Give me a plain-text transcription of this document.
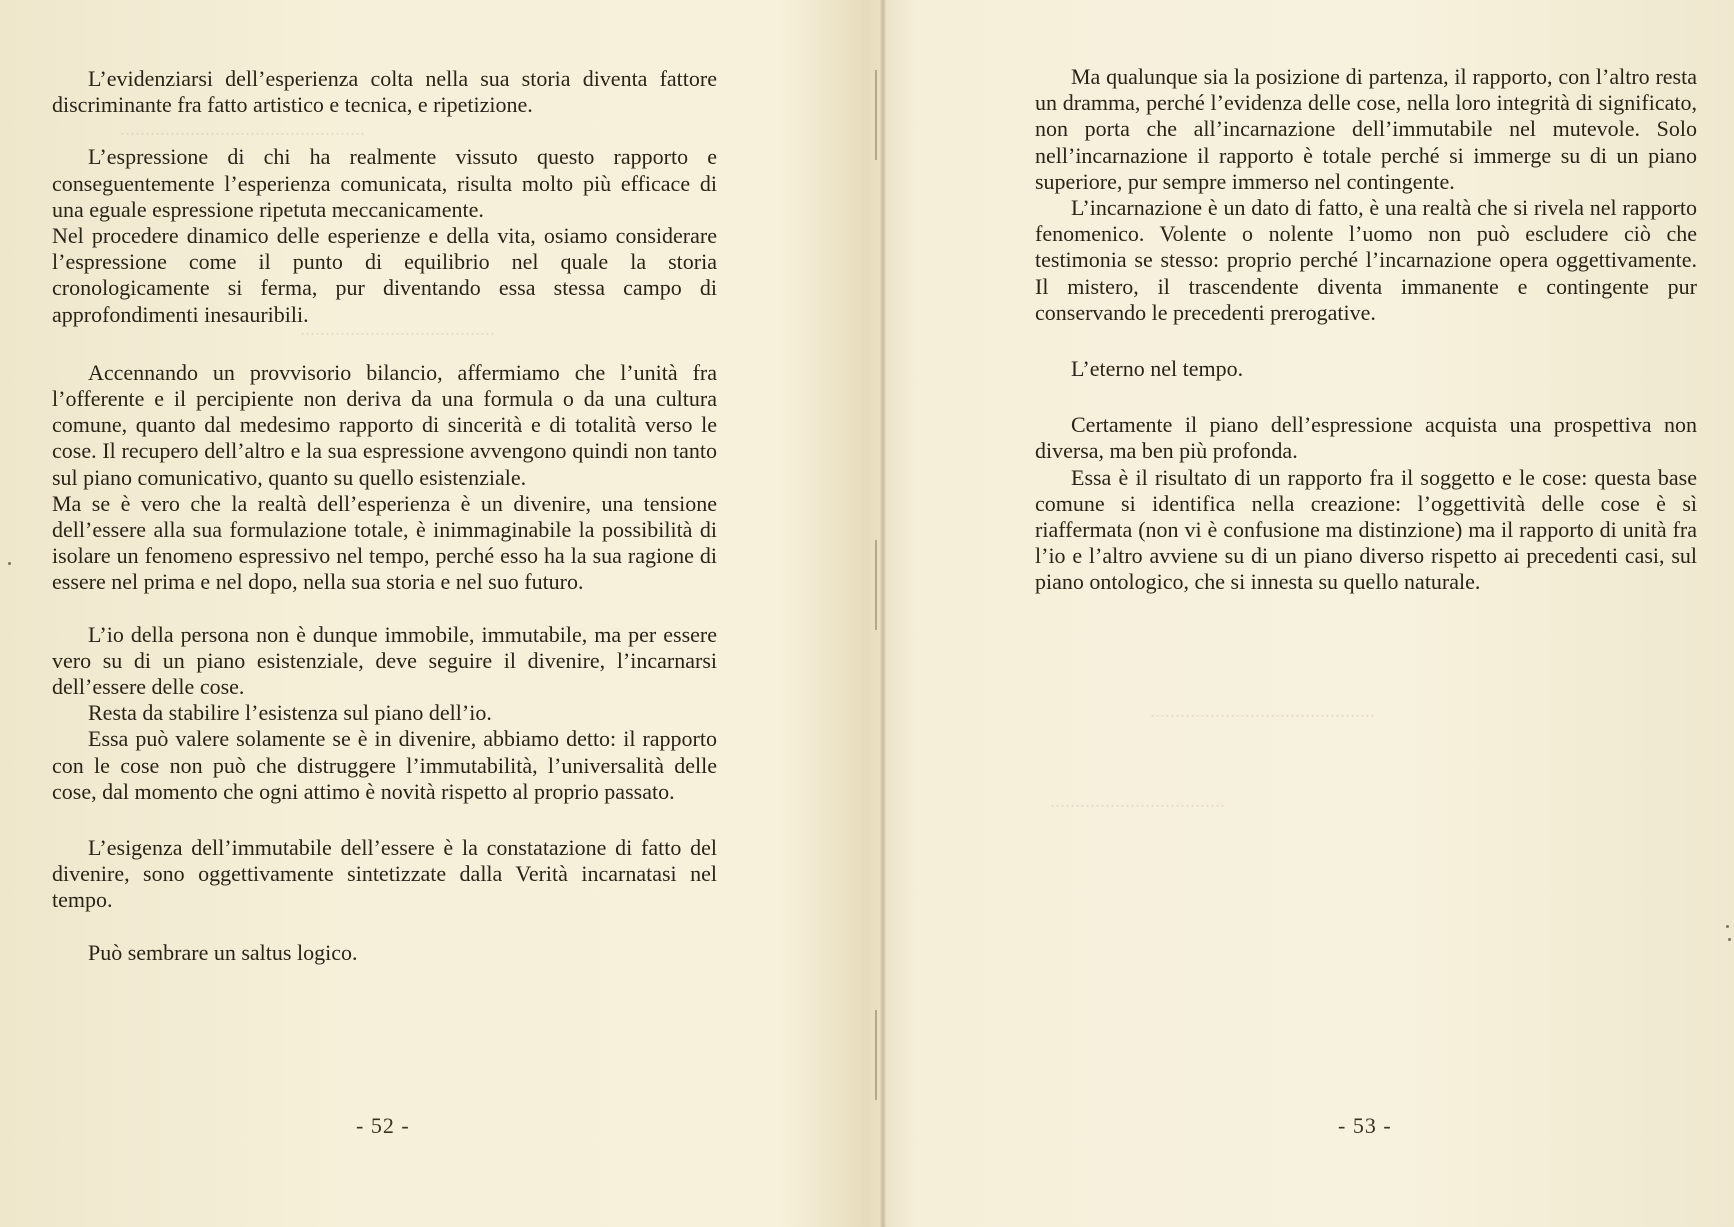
.................................................
.......................................
.............................................
...................................

L’evidenziarsi dell’esperienza colta nella sua storia diventa fattore discriminante fra fatto artistico e tecnica, e ripetizione.

L’espressione di chi ha realmente vissuto questo rapporto e conseguentemente l’esperienza comunicata, risulta molto più efficace di una eguale espressione ripetuta meccanicamente.

Nel procedere dinamico delle esperienze e della vita, osiamo considerare l’espressione come il punto di equilibrio nel quale la storia cronologicamente si ferma, pur diventando essa stessa campo di approfondimenti inesauribili.

Accennando un provvisorio bilancio, affermiamo che l’unità fra l’offerente e il percipiente non deriva da una formula o da una cultura comune, quanto dal medesimo rapporto di sincerità e di totalità verso le cose. Il recupero dell’altro e la sua espressione avvengono quindi non tanto sul piano comunicativo, quanto su quello esistenziale.

Ma se è vero che la realtà dell’esperienza è un divenire, una tensione dell’essere alla sua formulazione totale, è inimmaginabile la possibilità di isolare un fenomeno espressivo nel tempo, perché esso ha la sua ragione di essere nel prima e nel dopo, nella sua storia e nel suo futuro.

L’io della persona non è dunque immobile, immutabile, ma per essere vero su di un piano esistenziale, deve seguire il divenire, l’incarnarsi dell’essere delle cose.

Resta da stabilire l’esistenza sul piano dell’io.

Essa può valere solamente se è in divenire, abbiamo detto: il rapporto con le cose non può che distruggere l’immutabilità, l’universalità delle cose, dal momento che ogni attimo è novità rispetto al proprio passato.

L’esigenza dell’immutabile dell’essere è la constatazione di fatto del divenire, sono oggettivamente sintetizzate dalla Verità incarnatasi nel tempo.

Può sembrare un saltus logico.

- 52 -

Ma qualunque sia la posizione di partenza, il rapporto, con l’altro resta un dramma, perché l’evidenza delle cose, nella loro integrità di significato, non porta che all’incarnazione dell’immutabile nel mutevole. Solo nell’incarnazione il rapporto è totale perché si immerge su di un piano superiore, pur sempre immerso nel contingente.

L’incarnazione è un dato di fatto, è una realtà che si rivela nel rapporto fenomenico. Volente o nolente l’uomo non può escludere ciò che testimonia se stesso: proprio perché l’incarnazione opera oggettivamente. Il mistero, il trascendente diventa immanente e contingente pur conservando le precedenti prerogative.

L’eterno nel tempo.

Certamente il piano dell’espressione acquista una prospettiva non diversa, ma ben più profonda.

Essa è il risultato di un rapporto fra il soggetto e le cose: questa base comune si identifica nella creazione: l’oggettività delle cose è sì riaffermata (non vi è confusione ma distinzione) ma il rapporto di unità fra l’io e l’altro avviene su di un piano diverso rispetto ai precedenti casi, sul piano ontologico, che si innesta su quello naturale.

- 53 -
